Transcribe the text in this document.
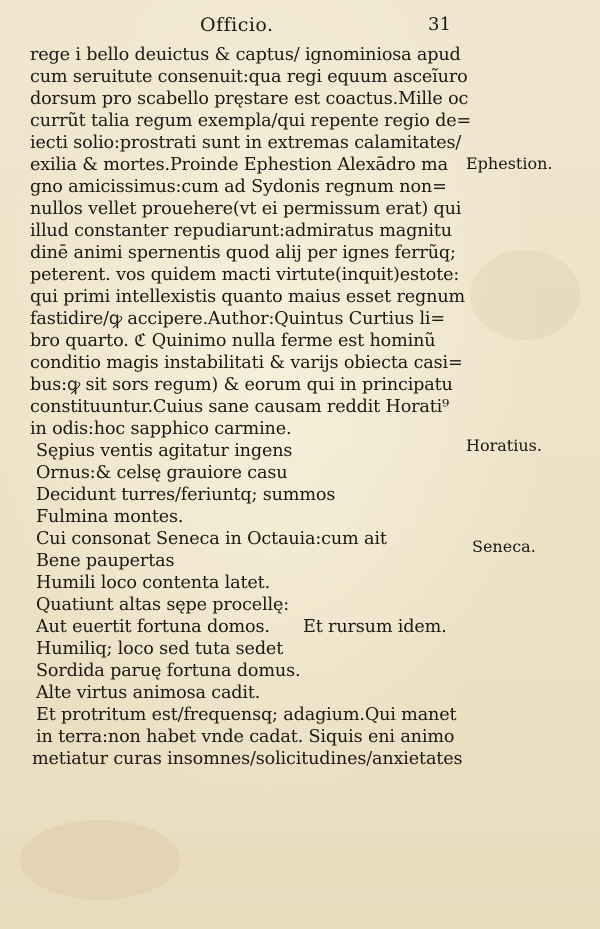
Officio.	31
rege i bello deuictus & captus/ ignominiosa apud
cum seruitute consenuit:qua regi equum asceĩuro
dorsum pro scabello pręstare est coactus.Mille oc
currũt talia regum exempla/qui repente regio de=
iecti solio:prostrati sunt in extremas calamitates/
exilia & mortes.Proinde Ephestion Alexādro ma
gno amicissimus:cum ad Sydonis regnum non=
nullos vellet prouehere(vt ei permissum erat) qui
illud constanter repudiarunt:admiratus magnitu
dinē animi spernentis quod alij per ignes ferrũq;
peterent. vos quidem macti virtute(inquit)estote:
qui primi intellexistis quanto maius esset regnum
fastidire/ꝙ accipere.Author:Quintus Curtius li=
bro quarto. ℭ Quinimo nulla ferme est hominũ
conditio magis instabilitati & varijs obiecta casi=
bus:ꝙ sit sors regum) & eorum qui in principatu
constituuntur.Cuius sane causam reddit Horati⁹
in odis:hoc sapphico carmine.
Sępius ventis agitatur ingens
Ornus:& celsę grauiore casu
Decidunt turres/feriuntq; summos
Fulmina montes.
Cui consonat Seneca in Octauia:cum ait
Bene paupertas
Humili loco contenta latet.
Quatiunt altas sępe procellę:
Aut euertit fortuna domos.
Humiliq; loco sed tuta sedet
Sordida paruę fortuna domus.
Alte virtus animosa cadit.
Et protritum est/frequensq; adagium.Qui manet
in terra:non habet vnde cadat. Siquis eni animo
metiatur curas insomnes/solicitudines/anxietates
Et rursum idem.
Ephestion.
Horatius.
Seneca.
